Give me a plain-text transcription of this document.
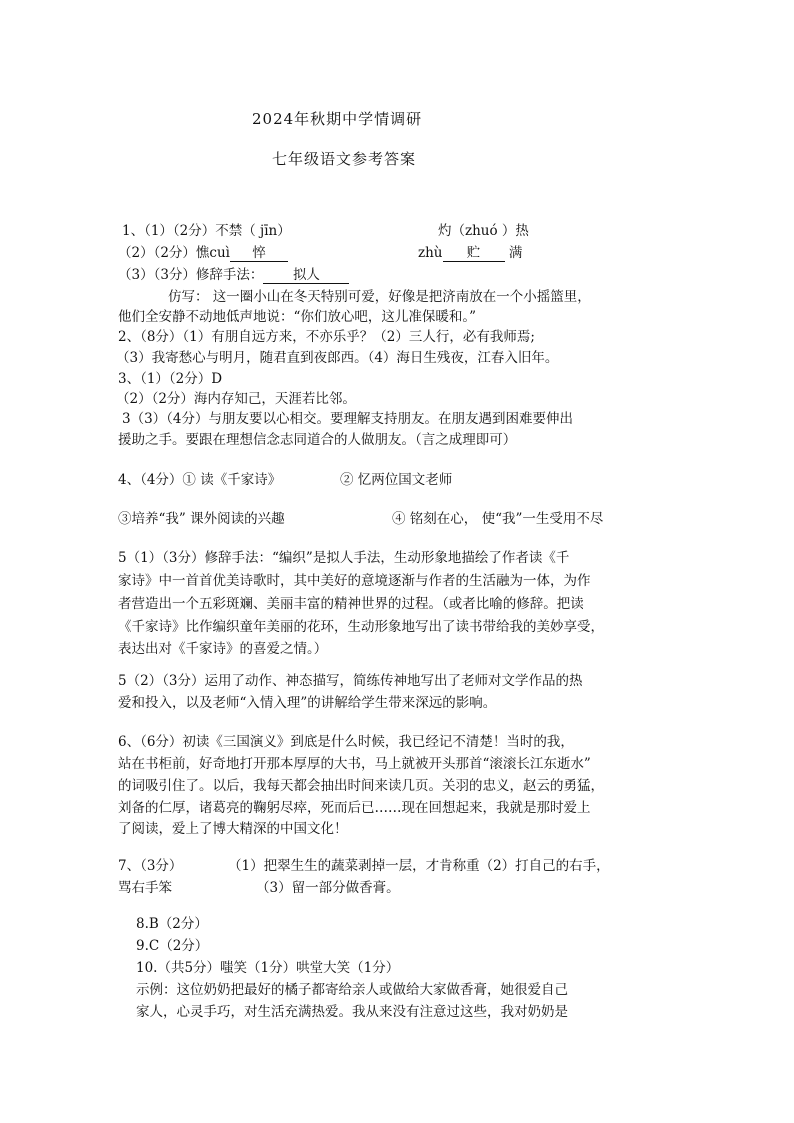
2024年秋期中学情调研
七年级语文参考答案
1、（1）（2分）不禁（ jīn）	灼（zhuó ）热
（2）（2分）憔cuì 悴	zhù 贮 满
（3）（3分）修辞手法： 拟人
仿写： 这一圈小山在冬天特别可爱，好像是把济南放在一个小摇篮里，
他们全安静不动地低声地说：“你们放心吧，这儿准保暖和。”
2、（8分）（1）有朋自远方来，不亦乐乎？（2）三人行，必有我师焉;
（3）我寄愁心与明月，随君直到夜郎西。（4）海日生残夜，江春入旧年。
3、（1）（2分）D
（2）（2分）海内存知己，天涯若比邻。
3（3）（4分）与朋友要以心相交。要理解支持朋友。在朋友遇到困难要伸出
援助之手。要跟在理想信念志同道合的人做朋友。（言之成理即可）
4、（4分）① 读《千家诗》	② 忆两位国文老师
③培养“我” 课外阅读的兴趣	④ 铭刻在心， 使“我”一生受用不尽
5（1）（3分）修辞手法：“编织”是拟人手法，生动形象地描绘了作者读《千
家诗》中一首首优美诗歌时，其中美好的意境逐渐与作者的生活融为一体，为作
者营造出一个五彩斑斓、美丽丰富的精神世界的过程。（或者比喻的修辞。把读
《千家诗》比作编织童年美丽的花环，生动形象地写出了读书带给我的美妙享受，
表达出对《千家诗》的喜爱之情。）
5（2）（3分）运用了动作、神态描写，简练传神地写出了老师对文学作品的热
爱和投入，以及老师“入情入理”的讲解给学生带来深远的影响。
6、（6分）初读《三国演义》到底是什么时候，我已经记不清楚！当时的我，
站在书柜前，好奇地打开那本厚厚的大书，马上就被开头那首“滚滚长江东逝水”
的词吸引住了。以后，我每天都会抽出时间来读几页。关羽的忠义，赵云的勇猛，
刘备的仁厚，诸葛亮的鞠躬尽瘁，死而后已……现在回想起来，我就是那时爱上
了阅读，爱上了博大精深的中国文化！
7、（3分）	（1）把翠生生的蔬菜剥掉一层，才肯称重（2）打自己的右手，
骂右手笨	（3）留一部分做香膏。
8.B（2分）
9.C（2分）
10.（共5分）嗤笑（1分）哄堂大笑（1分）
示例：这位奶奶把最好的橘子都寄给亲人或做给大家做香膏，她很爱自己
家人，心灵手巧，对生活充满热爱。我从来没有注意过这些，我对奶奶是
